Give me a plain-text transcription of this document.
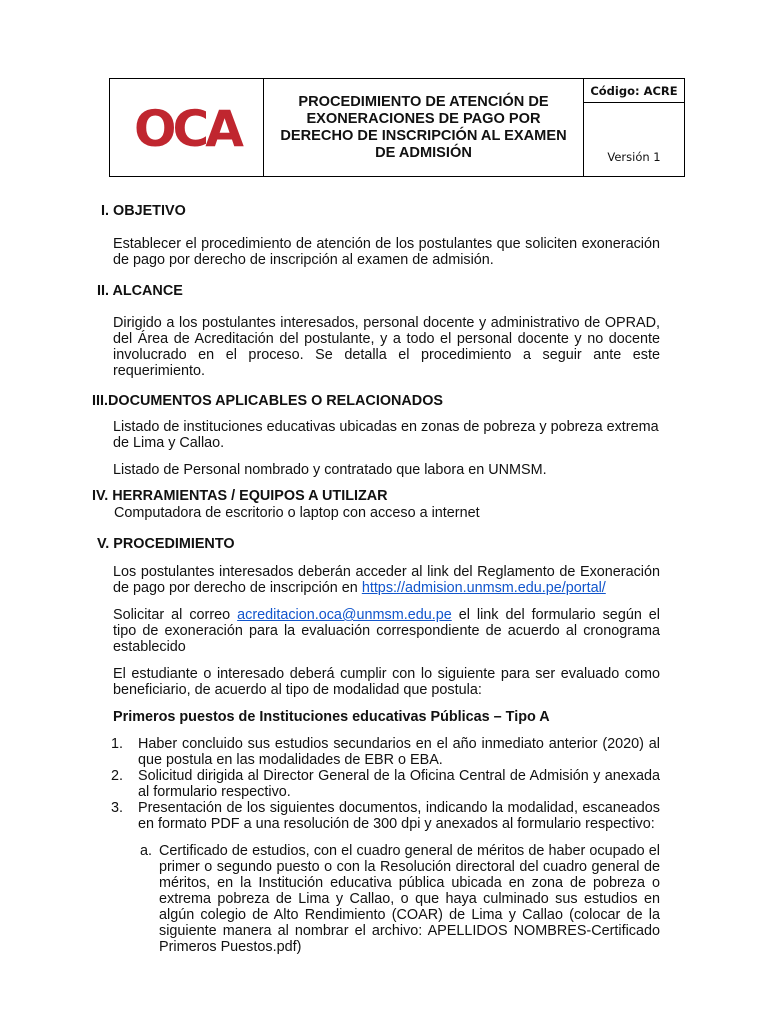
OCA	PROCEDIMIENTO DE ATENCIÓN DE EXONERACIONES DE PAGO POR DERECHO DE INSCRIPCIÓN AL EXAMEN DE ADMISIÓN
Código: ACRE
Versión 1
I. OBJETIVO

Establecer el procedimiento de atención de los postulantes que soliciten exoneración de pago por derecho de inscripción al examen de admisión.

II. ALCANCE

Dirigido a los postulantes interesados, personal docente y administrativo de OPRAD, del Área de Acreditación del postulante, y a todo el personal docente y no docente involucrado en el proceso. Se detalla el procedimiento a seguir ante este requerimiento.

III.DOCUMENTOS APLICABLES O RELACIONADOS

Listado de instituciones educativas ubicadas en zonas de pobreza y pobreza extrema de Lima y Callao.

Listado de Personal nombrado y contratado que labora en UNMSM.

IV. HERRAMIENTAS / EQUIPOS A UTILIZAR

Computadora de escritorio o laptop con acceso a internet

V. PROCEDIMIENTO

Los postulantes interesados deberán acceder al link del Reglamento de Exoneración de pago por derecho de inscripción en https://admision.unmsm.edu.pe/portal/

Solicitar al correo acreditacion.oca@unmsm.edu.pe el link del formulario según el tipo de exoneración para la evaluación correspondiente de acuerdo al cronograma establecido

El estudiante o interesado deberá cumplir con lo siguiente para ser evaluado como beneficiario, de acuerdo al tipo de modalidad que postula:

Primeros puestos de Instituciones educativas Públicas – Tipo A
1.	Haber concluido sus estudios secundarios en el año inmediato anterior (2020) al que postula en las modalidades de EBR o EBA.
2.	Solicitud dirigida al Director General de la Oficina Central de Admisión y anexada al formulario respectivo.
3.	Presentación de los siguientes documentos, indicando la modalidad, escaneados en formato PDF a una resolución de 300 dpi y anexados al formulario respectivo:
a. Certificado de estudios, con el cuadro general de méritos de haber ocupado el primer o segundo puesto o con la Resolución directoral del cuadro general de méritos, en la Institución educativa pública ubicada en zona de pobreza o extrema pobreza de Lima y Callao, o que haya culminado sus estudios en algún colegio de Alto Rendimiento (COAR) de Lima y Callao (colocar de la siguiente manera al nombrar el archivo: APELLIDOS NOMBRES-Certificado Primeros Puestos.pdf)
